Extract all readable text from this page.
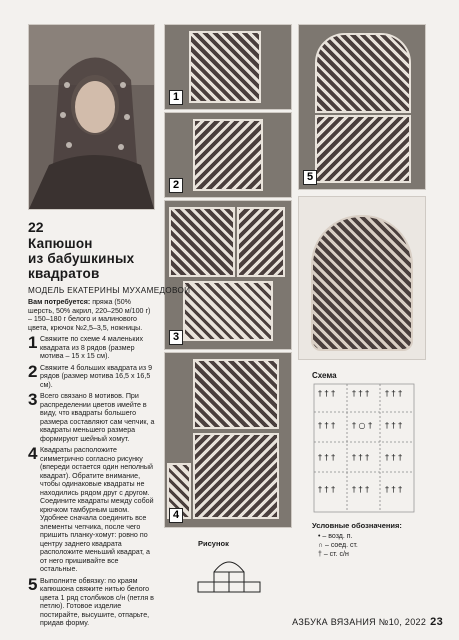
1
2
3
4
5
22
Капюшон
из бабушкиных
квадратов
МОДЕЛЬ ЕКАТЕРИНЫ МУХАМЕДОВОЙ

Вам потребуется: пряжа (50% шерсть, 50% акрил, 220–250 м/100 г) – 150–180 г белого и малинового цвета, крючок №2,5–3,5, ножницы.

1 Свяжите по схеме 4 маленьких квадрата из 8 рядов (размер мотива – 15 х 15 см).

2 Свяжите 4 больших квадрата из 9 рядов (размер мотива 16,5 х 16,5 см).

3 Всего связано 8 мотивов. При распределении цветов имейте в виду, что квадраты большего размера составляют сам чепчик, а квадраты меньшего размера формируют шейный хомут.

4 Квадраты расположите симметрично согласно рисунку (впереди остается один неполный квадрат). Обратите внимание, чтобы одинаковые квадраты не находились рядом друг с другом. Соедините квадраты между собой крючком тамбурным швом. Удобнее сначала соединить все элементы чепчика, после чего пришить планку-хомут: ровно по центру заднего квадрата расположите меньший квадрат, а от него пришивайте все остальные.

5 Выполните обвязку: по краям капюшона свяжите нитью белого цвета 1 ряд столбиков с/н (петля в петлю). Готовое изделие постирайте, высушите, отпарьте, придав форму.

Схема
† † † † † † † † †
† † † † ○ † † † †
† † † † † † † † †
† † † † † † † † †
Условные обозначения:
• – возд. п.
∩ – соед. ст.
† – ст. с/н
Рисунок
АЗБУКА ВЯЗАНИЯ №10, 2022 23
